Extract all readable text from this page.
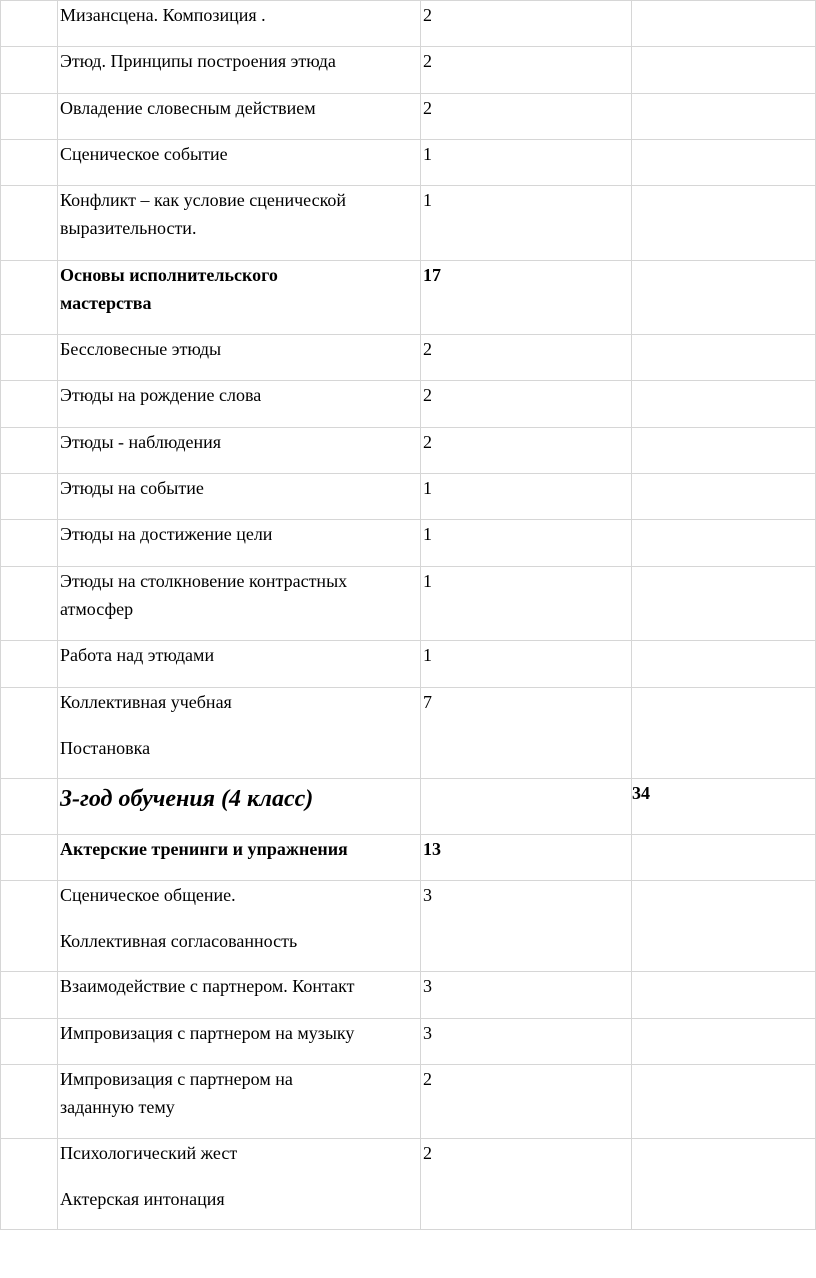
	Мизансцена. Композиция .	2	

	Этюд. Принципы построения этюда	2	

	Овладение словесным действием	2	

	Сценическое событие	1	

	Конфликт – как условие сценической
выразительности.	1	

	Основы исполнительского
мастерства	17	

	Бессловесные этюды	2	

	Этюды на рождение слова	2	

	Этюды - наблюдения	2	

	Этюды на событие	1	

	Этюды на достижение цели	1	

	Этюды на столкновение контрастных
атмосфер	1	

	Работа над этюдами	1	

	Коллективная учебная
Постановка	7	

	3-год обучения (4 класс)		34

	Актерские тренинги и упражнения	13	

	Сценическое общение.
Коллективная согласованность	3	

	Взаимодействие с партнером. Контакт	3	

	Импровизация с партнером на музыку	3	

	Импровизация с партнером на
заданную тему	2	

	Психологический жест
Актерская интонация	2	
